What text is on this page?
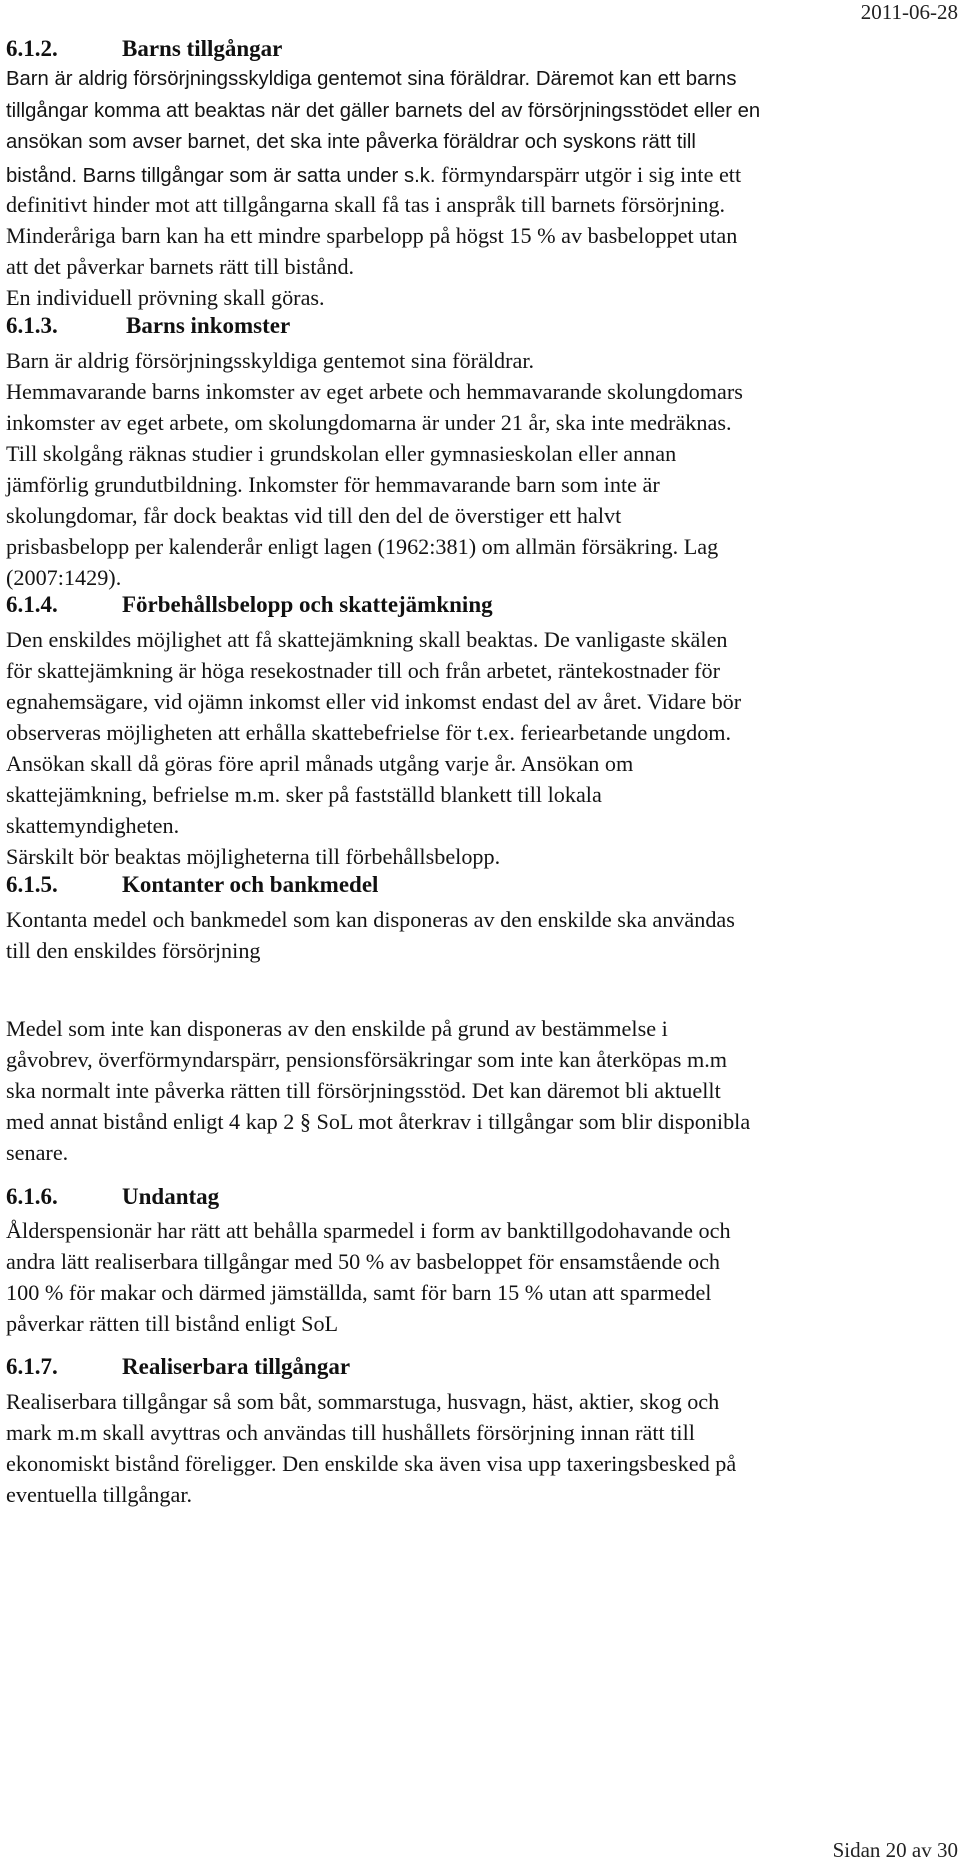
2011-06-28
6.1.2.	Barns tillgångar
Barn är aldrig försörjningsskyldiga gentemot sina föräldrar. Däremot kan ett barns
tillgångar komma att beaktas när det gäller barnets del av försörjningsstödet eller en
ansökan som avser barnet, det ska inte påverka föräldrar och syskons rätt till
bistånd. Barns tillgångar som är satta under s.k. förmyndarspärr utgör i sig inte ett
definitivt hinder mot att tillgångarna skall få tas i anspråk till barnets försörjning.
Minderåriga barn kan ha ett mindre sparbelopp på högst 15 % av basbeloppet utan
att det påverkar barnets rätt till bistånd.
En individuell prövning skall göras.
6.1.3.	Barns inkomster
Barn är aldrig försörjningsskyldiga gentemot sina föräldrar.
Hemmavarande barns inkomster av eget arbete och hemmavarande skolungdomars
inkomster av eget arbete, om skolungdomarna är under 21 år, ska inte medräknas.
Till skolgång räknas studier i grundskolan eller gymnasieskolan eller annan
jämförlig grundutbildning. Inkomster för hemmavarande barn som inte är
skolungdomar, får dock beaktas vid till den del de överstiger ett halvt
prisbasbelopp per kalenderår enligt lagen (1962:381) om allmän försäkring. Lag
(2007:1429).
6.1.4.	Förbehållsbelopp och skattejämkning
Den enskildes möjlighet att få skattejämkning skall beaktas. De vanligaste skälen
för skattejämkning är höga resekostnader till och från arbetet, räntekostnader för
egnahemsägare, vid ojämn inkomst eller vid inkomst endast del av året. Vidare bör
observeras möjligheten att erhålla skattebefrielse för t.ex. feriearbetande ungdom.
Ansökan skall då göras före april månads utgång varje år. Ansökan om
skattejämkning, befrielse m.m. sker på fastställd blankett till lokala
skattemyndigheten.
Särskilt bör beaktas möjligheterna till förbehållsbelopp.
6.1.5.	Kontanter och bankmedel
Kontanta medel och bankmedel som kan disponeras av den enskilde ska användas
till den enskildes försörjning
Medel som inte kan disponeras av den enskilde på grund av bestämmelse i
gåvobrev, överförmyndarspärr, pensionsförsäkringar som inte kan återköpas m.m
ska normalt inte påverka rätten till försörjningsstöd. Det kan däremot bli aktuellt
med annat bistånd enligt 4 kap 2 § SoL mot återkrav i tillgångar som blir disponibla
senare.
6.1.6.	Undantag
Ålderspensionär har rätt att behålla sparmedel i form av banktillgodohavande och
andra lätt realiserbara tillgångar med 50 % av basbeloppet för ensamstående och
100 % för makar och därmed jämställda, samt för barn 15 % utan att sparmedel
påverkar rätten till bistånd enligt SoL
6.1.7.	Realiserbara tillgångar
Realiserbara tillgångar så som båt, sommarstuga, husvagn, häst, aktier, skog och
mark m.m skall avyttras och användas till hushållets försörjning innan rätt till
ekonomiskt bistånd föreligger. Den enskilde ska även visa upp taxeringsbesked på
eventuella tillgångar.
Sidan 20 av 30
